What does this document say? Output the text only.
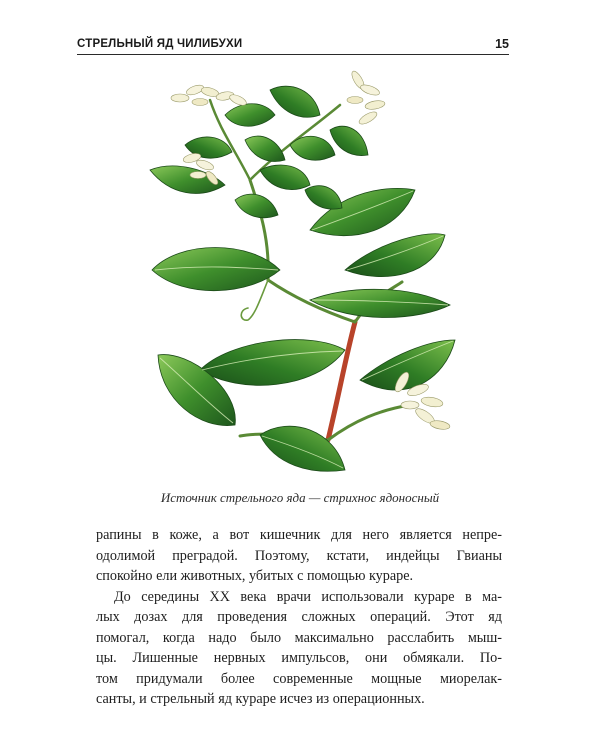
СТРЕЛЬНЫЙ ЯД ЧИЛИБУХИ	15
Источник стрельного яда — стрихнос ядоносный

рапины в коже, а вот кишечник для него является непре-

одолимой преградой. Поэтому, кстати, индейцы Гвианы

спокойно ели животных, убитых с помощью кураре.

До середины XX века врачи использовали кураре в ма-

лых дозах для проведения сложных операций. Этот яд

помогал, когда надо было максимально расслабить мыш-

цы. Лишенные нервных импульсов, они обмякали. По-

том придумали более современные мощные миорелак-

санты, и стрельный яд кураре исчез из операционных.
